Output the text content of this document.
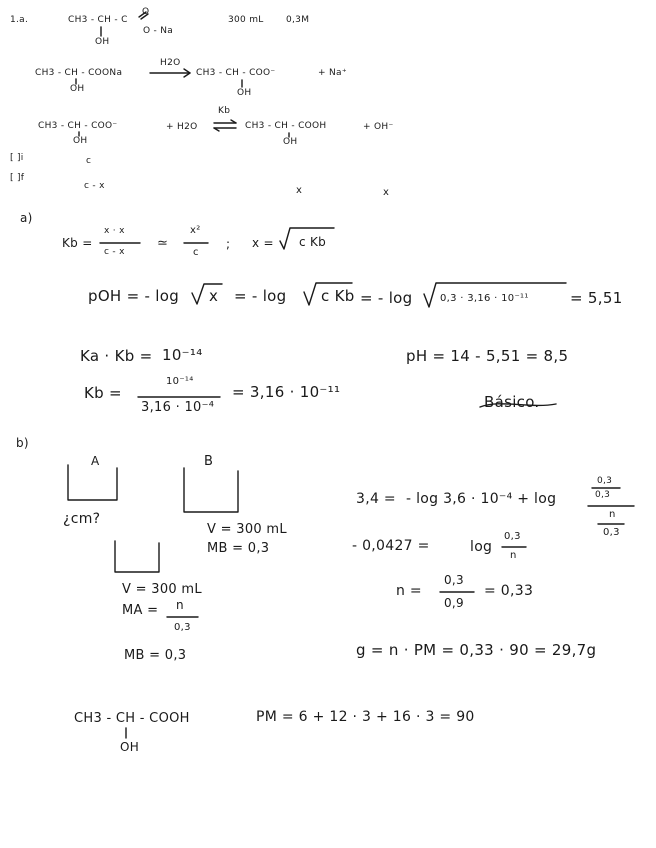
1.a.	CH3 - CH - C
O
O - Na
OH
300 mL 0,3M
CH3 - CH - COONa
OH
H2O
CH3 - CH - COO⁻
OH
+ Na⁺
CH3 - CH - COO⁻
OH
+ H2O
Kb
CH3 - CH - COOH
OH
+ OH⁻
[ ]i
[ ]f
c
c - x	x	x
a)
Kb =
x · x
c - x
≃
x²
c
; x = c Kb
pOH = - log x = - log c Kb = - log	0,3 · 3,16 · 10⁻¹¹	= 5,51
Ka · Kb = 10⁻¹⁴	pH = 14 - 5,51 = 8,5
Kb =
10⁻¹⁴
3,16 · 10⁻⁴
= 3,16 · 10⁻¹¹
Básico.
b)
A	B
¿cm?
V = 300 mL
MB = 0,3
V = 300 mL
MA = n
0,3
MB = 0,3
3,4 = - log 3,6 · 10⁻⁴ + log
0,3
0,3
n
0,3
- 0,0427 =	log
0,3
n
n =
0,3
0,9
= 0,33
g = n · PM = 0,33 · 90 = 29,7g
CH3 - CH - COOH
OH
PM = 6 + 12 · 3 + 16 · 3 = 90
